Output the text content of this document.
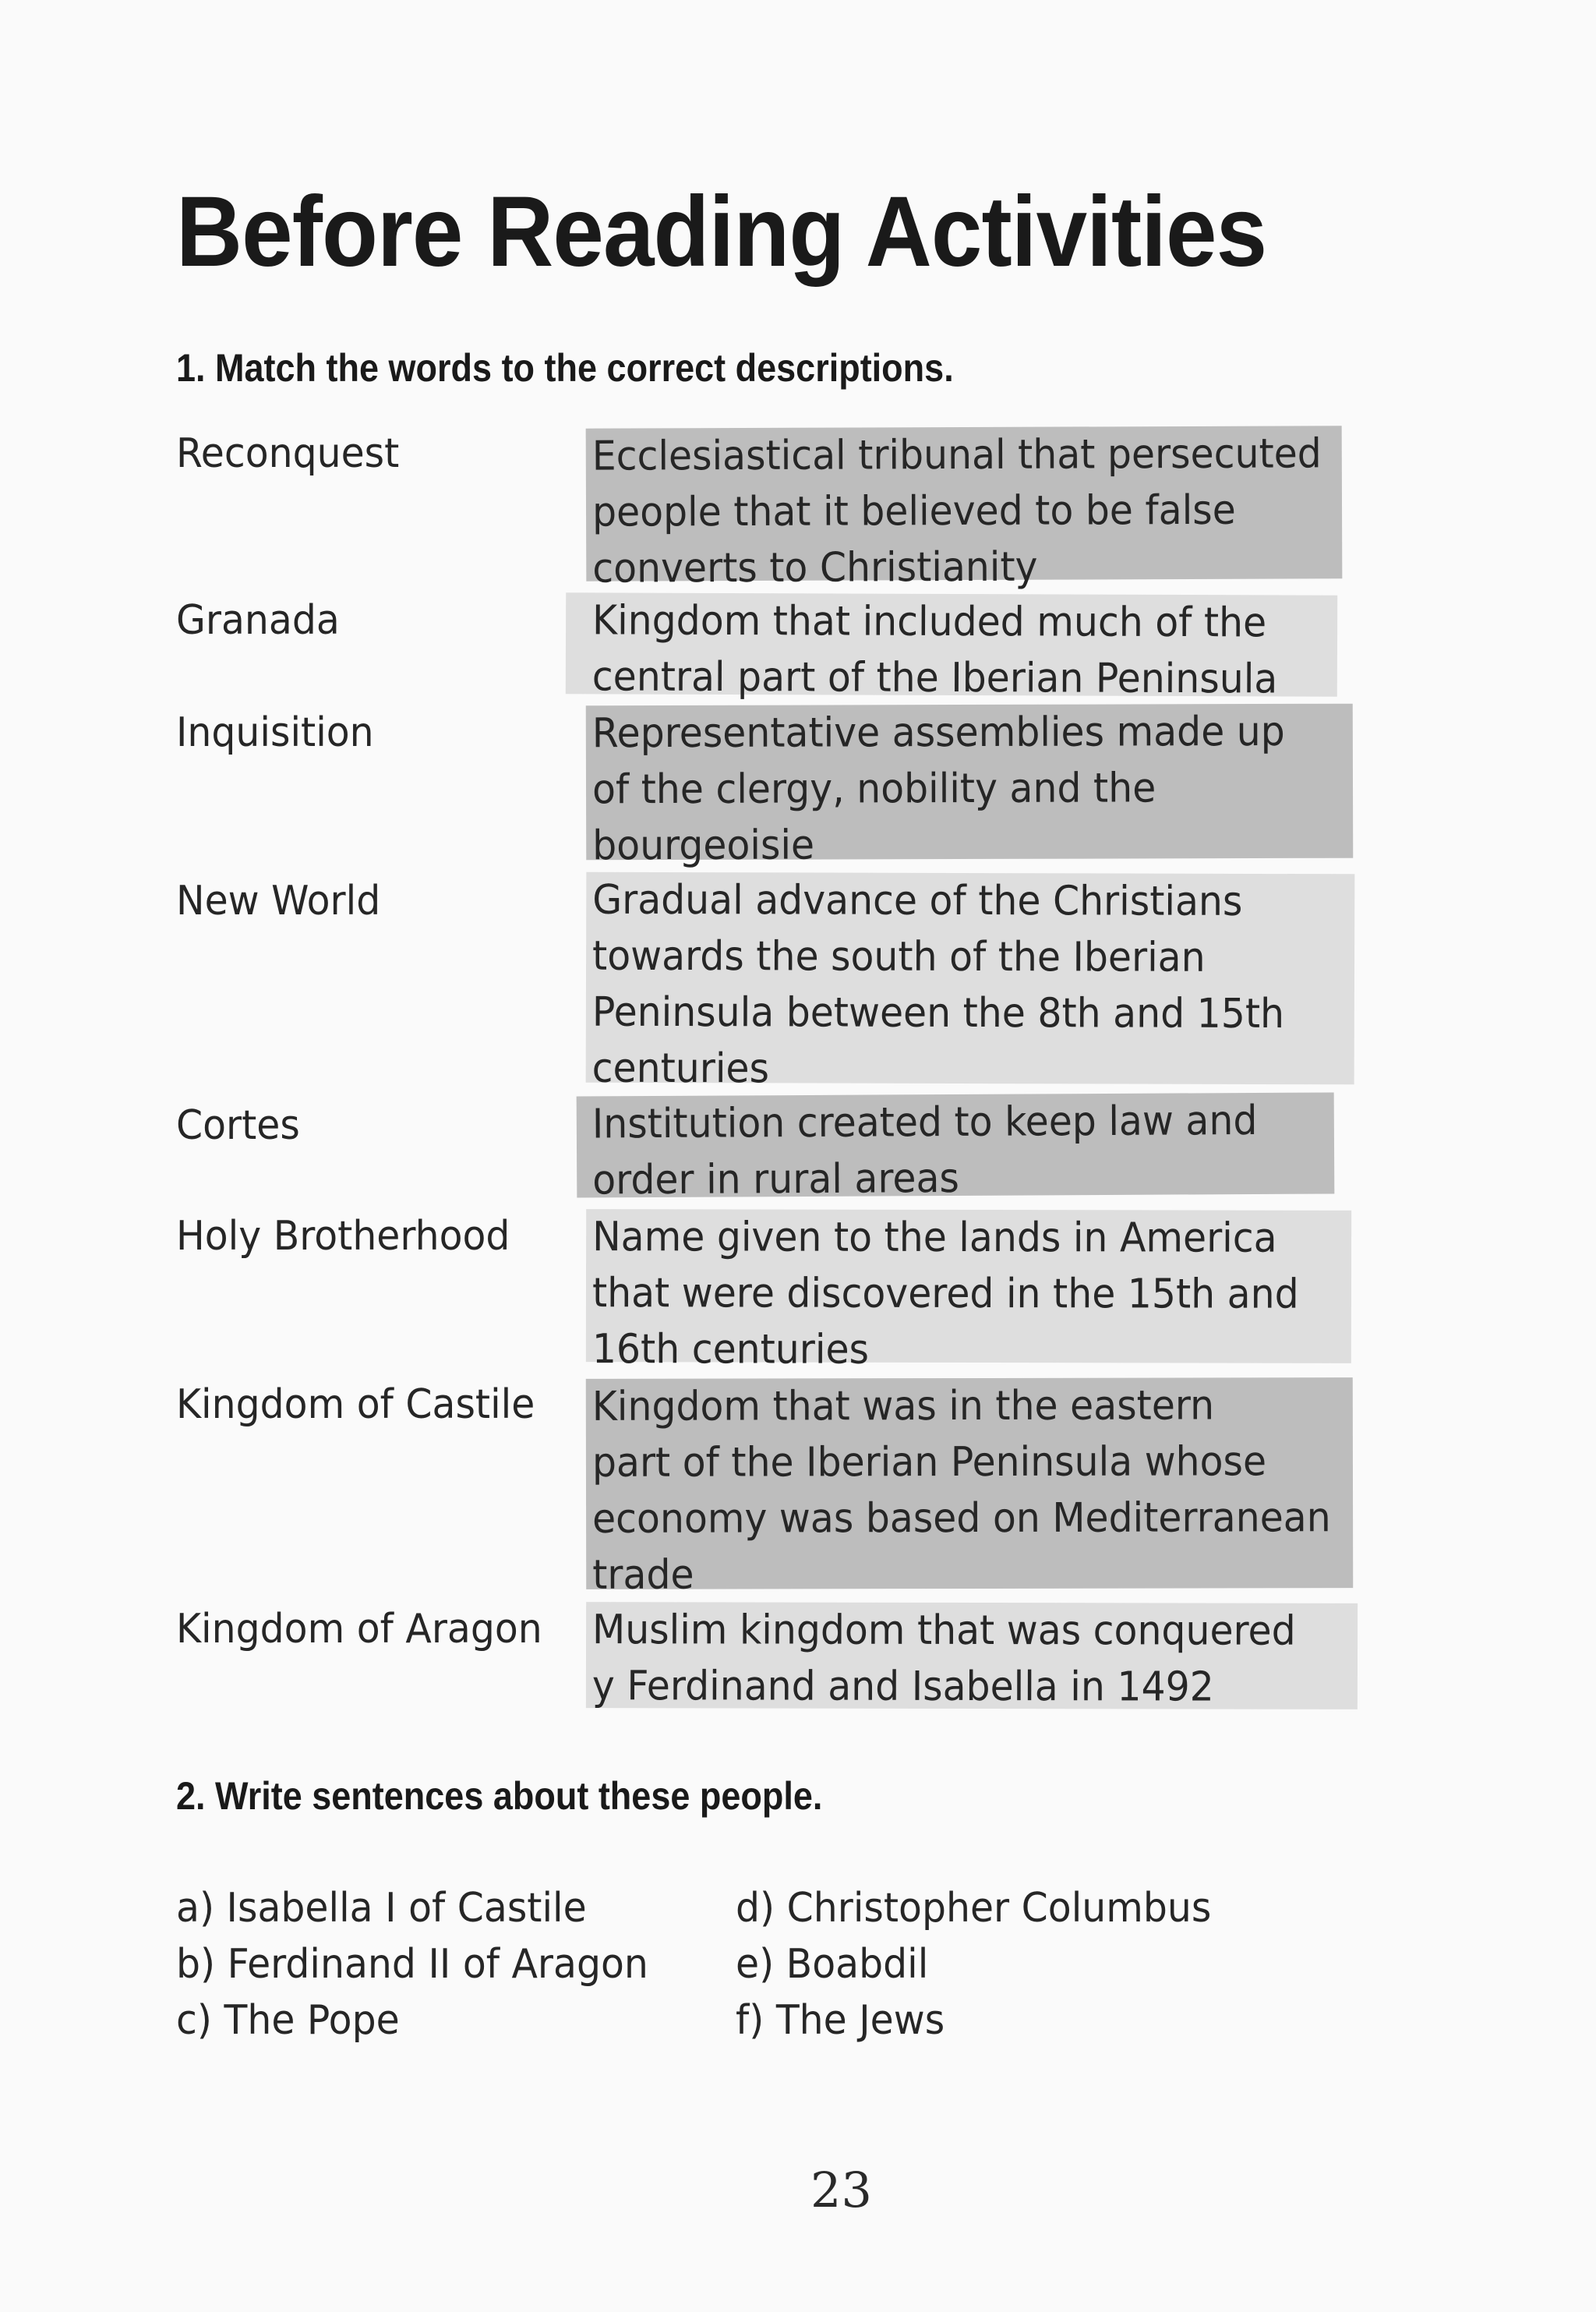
Before Reading Activities
1. Match the words to the correct descriptions.
Reconquest
Granada
Inquisition
New World
Cortes
Holy Brotherhood
Kingdom of Castile
Kingdom of Aragon
Ecclesiastical tribunal that persecuted
people that it believed to be false
converts to Christianity
Kingdom that included much of the
central part of the Iberian Peninsula
Representative assemblies made up
of the clergy, nobility and the
bourgeoisie
Gradual advance of the Christians
towards the south of the Iberian
Peninsula between the 8th and 15th
centuries
Institution created to keep law and
order in rural areas
Name given to the lands in America
that were discovered in the 15th and
16th centuries
Kingdom that was in the eastern
part of the Iberian Peninsula whose
economy was based on Mediterranean
trade
Muslim kingdom that was conquered
y Ferdinand and Isabella in 1492
2. Write sentences about these people.
a) Isabella I of Castile
b) Ferdinand II of Aragon
c) The Pope
d) Christopher Columbus
e) Boabdil
f) The Jews
23
